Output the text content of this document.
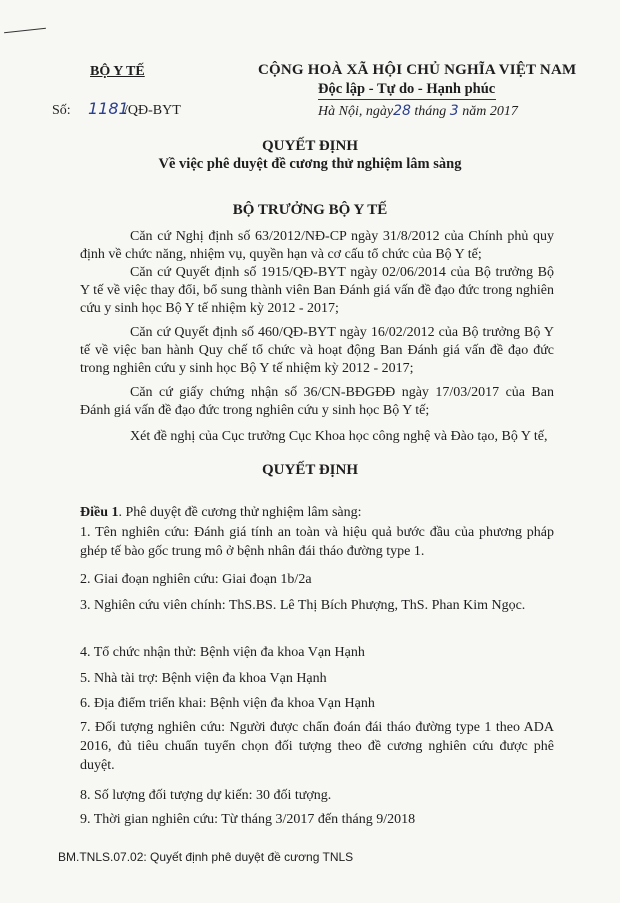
BỘ Y TẾ	CỘNG HOÀ XÃ HỘI CHỦ NGHĨA VIỆT NAM
Độc lập - Tự do - Hạnh phúc
Số: 1181
/QĐ-BYT	Hà Nội, ngày28 tháng 3 năm 2017
QUYẾT ĐỊNH
Về việc phê duyệt đề cương thử nghiệm lâm sàng
BỘ TRƯỞNG BỘ Y TẾ

Căn cứ Nghị định số 63/2012/NĐ-CP ngày 31/8/2012 của Chính phủ quy định về chức năng, nhiệm vụ, quyền hạn và cơ cấu tổ chức của Bộ Y tế;

Căn cứ Quyết định số 1915/QĐ-BYT ngày 02/06/2014 của Bộ trưởng Bộ Y tế về việc thay đổi, bổ sung thành viên Ban Đánh giá vấn đề đạo đức trong nghiên cứu y sinh học Bộ Y tế nhiệm kỳ 2012 - 2017;

Căn cứ Quyết định số 460/QĐ-BYT ngày 16/02/2012 của Bộ trưởng Bộ Y tế về việc ban hành Quy chế tổ chức và hoạt động Ban Đánh giá vấn đề đạo đức trong nghiên cứu y sinh học Bộ Y tế nhiệm kỳ 2012 - 2017;

Căn cứ giấy chứng nhận số 36/CN-BĐGĐĐ ngày 17/03/2017 của Ban Đánh giá vấn đề đạo đức trong nghiên cứu y sinh học Bộ Y tế;

Xét đề nghị của Cục trưởng Cục Khoa học công nghệ và Đào tạo, Bộ Y tế,

QUYẾT ĐỊNH
Điều 1. Phê duyệt đề cương thử nghiệm lâm sàng:
1. Tên nghiên cứu: Đánh giá tính an toàn và hiệu quả bước đầu của phương pháp ghép tế bào gốc trung mô ở bệnh nhân đái tháo đường type 1.
2. Giai đoạn nghiên cứu: Giai đoạn 1b/2a
3. Nghiên cứu viên chính: ThS.BS. Lê Thị Bích Phượng, ThS. Phan Kim Ngọc.
4. Tổ chức nhận thử: Bệnh viện đa khoa Vạn Hạnh
5. Nhà tài trợ: Bệnh viện đa khoa Vạn Hạnh
6. Địa điểm triển khai: Bệnh viện đa khoa Vạn Hạnh
7. Đối tượng nghiên cứu: Người được chẩn đoán đái tháo đường type 1 theo ADA 2016, đủ tiêu chuẩn tuyển chọn đối tượng theo đề cương nghiên cứu được phê duyệt.
8. Số lượng đối tượng dự kiến: 30 đối tượng.
9. Thời gian nghiên cứu: Từ tháng 3/2017 đến tháng 9/2018
BM.TNLS.07.02: Quyết định phê duyệt đề cương TNLS
